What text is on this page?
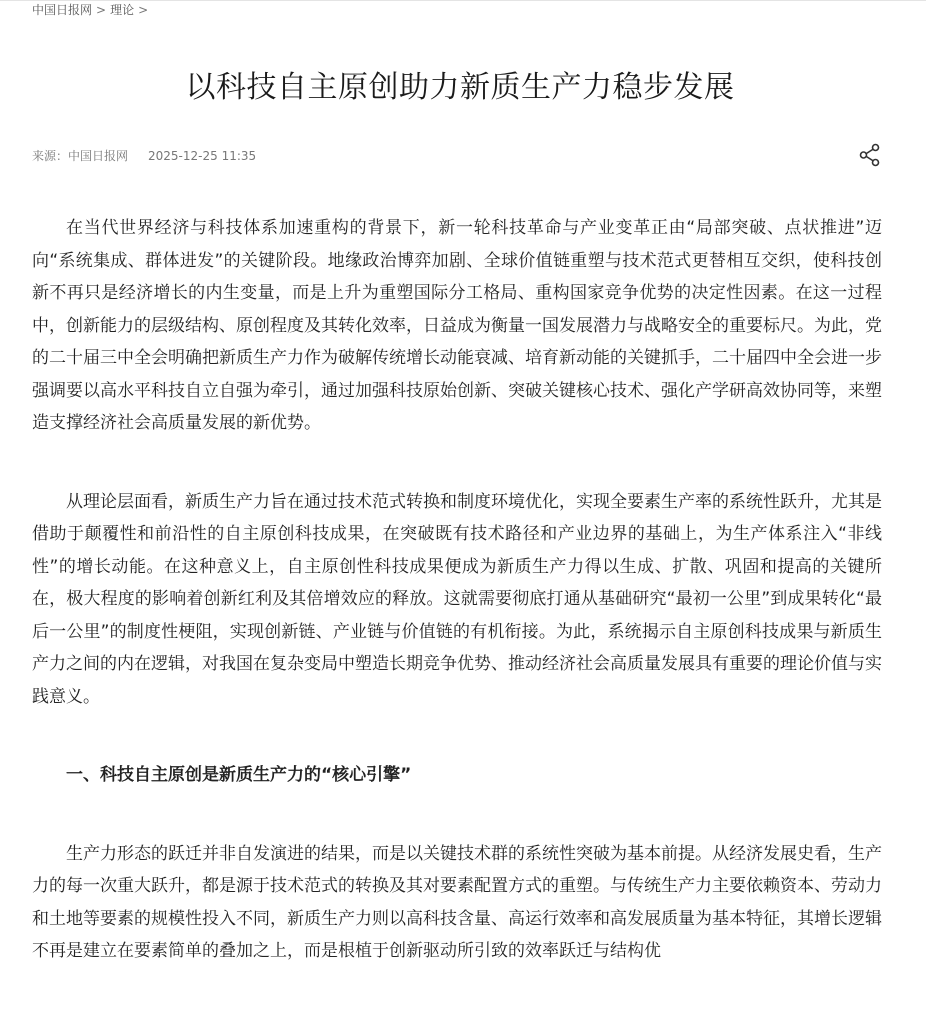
中国日报网 > 理论 >
以科技自主原创助力新质生产力稳步发展
来源：中国日报网 2025-12-25 11:35

在当代世界经济与科技体系加速重构的背景下，新一轮科技革命与产业变革正由“局部突破、点状推进”迈向“系统集成、群体进发”的关键阶段。地缘政治博弈加剧、全球价值链重塑与技术范式更替相互交织，使科技创新不再只是经济增长的内生变量，而是上升为重塑国际分工格局、重构国家竞争优势的决定性因素。在这一过程中，创新能力的层级结构、原创程度及其转化效率，日益成为衡量一国发展潜力与战略安全的重要标尺。为此，党的二十届三中全会明确把新质生产力作为破解传统增长动能衰减、培育新动能的关键抓手，二十届四中全会进一步强调要以高水平科技自立自强为牵引，通过加强科技原始创新、突破关键核心技术、强化产学研高效协同等，来塑造支撑经济社会高质量发展的新优势。

从理论层面看，新质生产力旨在通过技术范式转换和制度环境优化，实现全要素生产率的系统性跃升，尤其是借助于颠覆性和前沿性的自主原创科技成果，在突破既有技术路径和产业边界的基础上，为生产体系注入“非线性”的增长动能。在这种意义上，自主原创性科技成果便成为新质生产力得以生成、扩散、巩固和提高的关键所在，极大程度的影响着创新红利及其倍增效应的释放。这就需要彻底打通从基础研究“最初一公里”到成果转化“最后一公里”的制度性梗阻，实现创新链、产业链与价值链的有机衔接。为此，系统揭示自主原创科技成果与新质生产力之间的内在逻辑，对我国在复杂变局中塑造长期竞争优势、推动经济社会高质量发展具有重要的理论价值与实践意义。

一、科技自主原创是新质生产力的“核心引擎”

生产力形态的跃迁并非自发演进的结果，而是以关键技术群的系统性突破为基本前提。从经济发展史看，生产力的每一次重大跃升，都是源于技术范式的转换及其对要素配置方式的重塑。与传统生产力主要依赖资本、劳动力和土地等要素的规模性投入不同，新质生产力则以高科技含量、高运行效率和高发展质量为基本特征，其增长逻辑不再是建立在要素简单的叠加之上，而是根植于创新驱动所引致的效率跃迁与结构优
